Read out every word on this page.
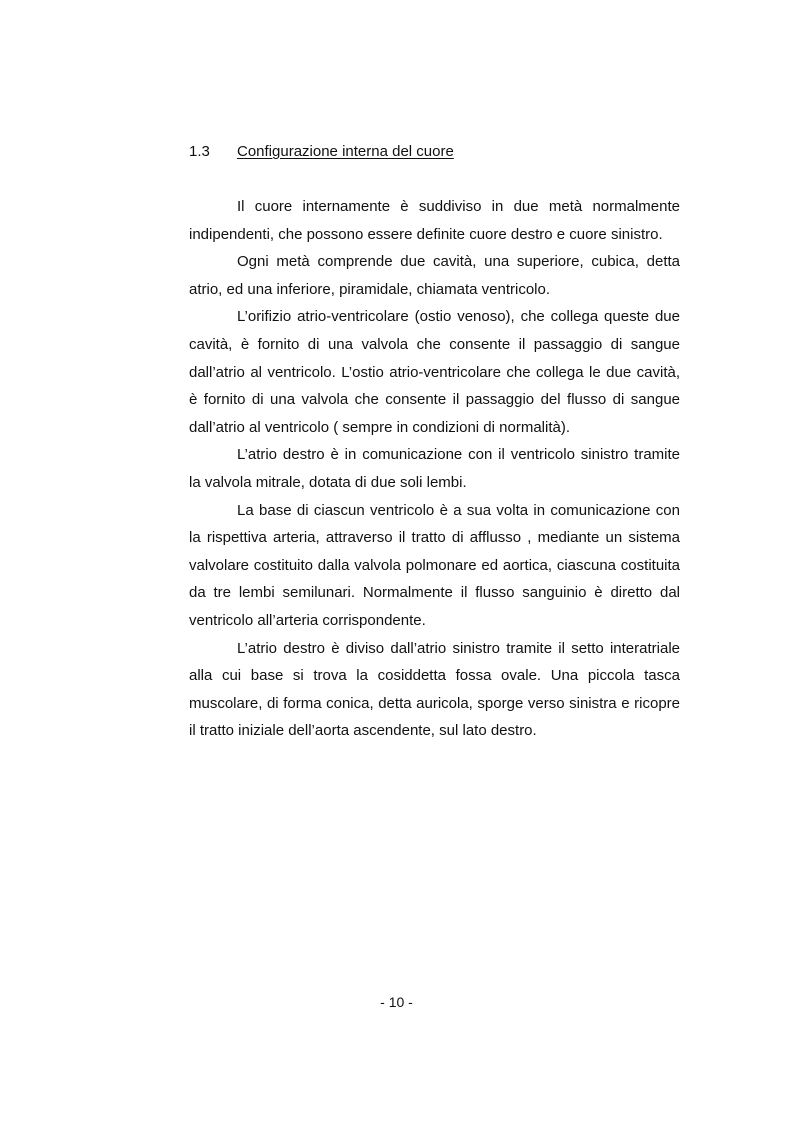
1.3 Configurazione interna del cuore

Il cuore internamente è suddiviso in due metà normalmente indipendenti, che possono essere definite cuore destro e cuore sinistro.

Ogni metà comprende due cavità, una superiore, cubica, detta atrio, ed una inferiore, piramidale, chiamata ventricolo.

L’orifizio atrio-ventricolare (ostio venoso), che collega queste due cavità, è fornito di una valvola che consente il passaggio di sangue dall’atrio al ventricolo. L’ostio atrio-ventricolare che collega le due cavità, è fornito di una valvola che consente il passaggio del flusso di sangue dall’atrio al ventricolo ( sempre in condizioni di normalità).

L’atrio destro è in comunicazione con il ventricolo sinistro tramite la valvola mitrale, dotata di due soli lembi.

La base di ciascun ventricolo è a sua volta in comunicazione con la rispettiva arteria, attraverso il tratto di afflusso , mediante un sistema valvolare costituito dalla valvola polmonare ed aortica, ciascuna costituita da tre lembi semilunari. Normalmente il flusso sanguinio è diretto dal ventricolo all’arteria corrispondente.

L’atrio destro è diviso dall’atrio sinistro tramite il setto interatriale alla cui base si trova la cosiddetta fossa ovale. Una piccola tasca muscolare, di forma conica, detta auricola, sporge verso sinistra e ricopre il tratto iniziale dell’aorta ascendente, sul lato destro.

- 10 -
